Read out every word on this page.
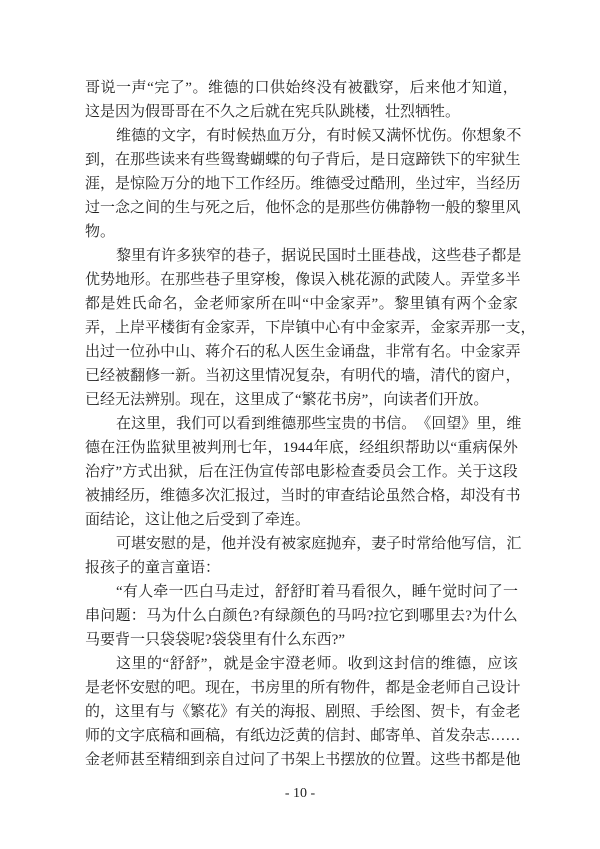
哥 说 一 声 “ 完 了 ” 。 维 德 的 口 供 始 终 没 有 被 戳 穿 ， 后 来 他 才 知 道 ，
这是因为假哥哥在不久之后就在宪兵队跳楼，壮烈牺牲。
维 德 的 文 字 ， 有 时 候 热 血 万 分 ， 有 时 候 又 满 怀 忧 伤 。 你 想 象 不
到 ， 在 那 些 读 来 有 些 鸳 鸯 蝴 蝶 的 句 子 背 后 ， 是 日 寇 蹄 铁 下 的 牢 狱 生
涯 ， 是 惊 险 万 分 的 地 下 工 作 经 历 。 维 德 受 过 酷 刑 ， 坐 过 牢 ， 当 经 历
过 一 念 之 间 的 生 与 死 之 后 ， 他 怀 念 的 是 那 些 仿 佛 静 物 一 般 的 黎 里 风
物。
黎 里 有 许 多 狭 窄 的 巷 子 ， 据 说 民 国 时 土 匪 巷 战 ， 这 些 巷 子 都 是
优 势 地 形 。 在 那 些 巷 子 里 穿 梭 ， 像 误 入 桃 花 源 的 武 陵 人 。 弄 堂 多 半
都 是 姓 氏 命 名 ， 金 老 师 家 所 在 叫 “ 中 金 家 弄 ” 。 黎 里 镇 有 两 个 金 家
弄 ， 上 岸 平 楼 街 有 金 家 弄 ， 下 岸 镇 中 心 有 中 金 家 弄 ， 金 家 弄 那 一 支 ，
出 过 一 位 孙 中 山 、 蒋 介 石 的 私 人 医 生 金 诵 盘 ， 非 常 有 名 。 中 金 家 弄
已 经 被 翻 修 一 新 。 当 初 这 里 情 况 复 杂 ， 有 明 代 的 墙 ， 清 代 的 窗 户 ，
已经无法辨别。现在，这里成了“繁花书房”，向读者们开放。
在 这 里 ， 我 们 可 以 看 到 维 德 那 些 宝 贵 的 书 信 。 《 回 望 》 里 ， 维
德 在 汪 伪 监 狱 里 被 判 刑 七 年 ， 1 9 4 4 年 底 ， 经 组 织 帮 助 以 “ 重 病 保 外
治 疗 ” 方 式 出 狱 ， 后 在 汪 伪 宣 传 部 电 影 检 查 委 员 会 工 作 。 关 于 这 段
被 捕 经 历 ， 维 德 多 次 汇 报 过 ， 当 时 的 审 查 结 论 虽 然 合 格 ， 却 没 有 书
面结论，这让他之后受到了牵连。
可 堪 安 慰 的 是 ， 他 并 没 有 被 家 庭 抛 弃 ， 妻 子 时 常 给 他 写 信 ， 汇
报孩子的童言童语：
“ 有 人 牵 一 匹 白 马 走 过 ， 舒 舒 盯 着 马 看 很 久 ， 睡 午 觉 时 问 了 一
串 问 题 ： 马 为 什 么 白 颜 色 ? 有 绿 颜 色 的 马 吗 ? 拉 它 到 哪 里 去 ? 为 什 么
马要背一只袋袋呢?袋袋里有什么东西?”
这 里 的 “ 舒 舒 ” ， 就 是 金 宇 澄 老 师 。 收 到 这 封 信 的 维 德 ， 应 该
是 老 怀 安 慰 的 吧 。 现 在 ， 书 房 里 的 所 有 物 件 ， 都 是 金 老 师 自 己 设 计
的 ， 这 里 有 与 《 繁 花 》 有 关 的 海 报 、 剧 照 、 手 绘 图 、 贺 卡 ， 有 金 老
师 的 文 字 底 稿 和 画 稿 ， 有 纸 边 泛 黄 的 信 封 、 邮 寄 单 、 首 发 杂 志 … …
金 老 师 甚 至 精 细 到 亲 自 过 问 了 书 架 上 书 摆 放 的 位 置 。 这 些 书 都 是 他
- 10 -
